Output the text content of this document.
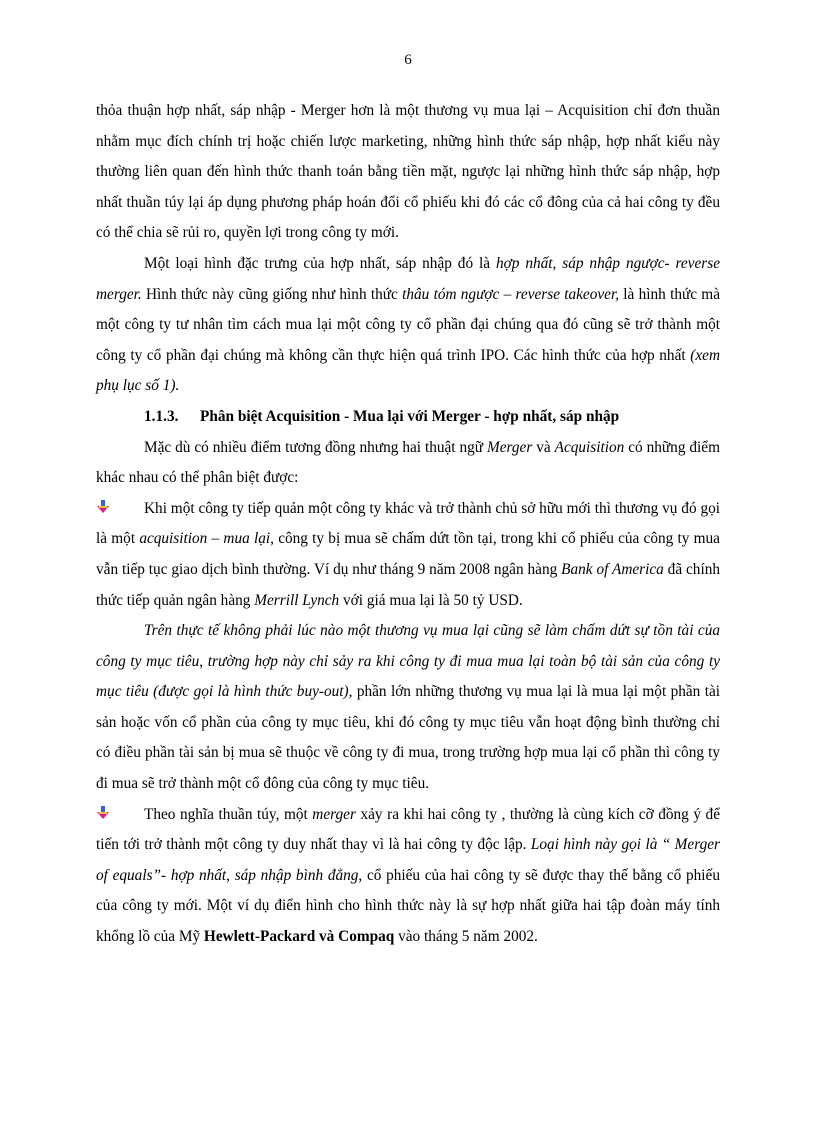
6

thỏa thuận hợp nhất, sáp nhập - Merger hơn là một thương vụ mua lại – Acquisition chỉ đơn thuần nhằm mục đích chính trị hoặc chiến lược marketing, những hình thức sáp nhập, hợp nhất kiểu này thường liên quan đến hình thức thanh toán bằng tiền mặt, ngược lại những hình thức sáp nhập, hợp nhất thuần túy lại áp dụng phương pháp hoán đổi cổ phiếu khi đó các cổ đông của cả hai công ty đều có thể chia sẽ rủi ro, quyền lợi trong công ty mới.

Một loại hình đặc trưng của hợp nhất, sáp nhập đó là hợp nhất, sáp nhập ngược- reverse merger. Hình thức này cũng giống như hình thức thâu tóm ngược – reverse takeover, là hình thức mà một công ty tư nhân tìm cách mua lại một công ty cổ phần đại chúng qua đó cũng sẽ trở thành một công ty cổ phần đại chúng mà không cần thực hiện quá trình IPO. Các hình thức của hợp nhất (xem phụ lục số 1).

1.1.3. Phân biệt Acquisition - Mua lại với Merger - hợp nhất, sáp nhập

Mặc dù có nhiều điểm tương đồng nhưng hai thuật ngữ Merger và Acquisition có những điểm khác nhau có thể phân biệt được:

Khi một công ty tiếp quản một công ty khác và trở thành chủ sở hữu mới thì thương vụ đó gọi là một acquisition – mua lại, công ty bị mua sẽ chấm dứt tồn tại, trong khi cổ phiếu của công ty mua vẫn tiếp tục giao dịch bình thường. Ví dụ như tháng 9 năm 2008 ngân hàng Bank of America đã chính thức tiếp quản ngân hàng Merrill Lynch với giá mua lại là 50 tỷ USD.

Trên thực tế không phải lúc nào một thương vụ mua lại cũng sẽ làm chấm dứt sự tồn tài của công ty mục tiêu, trường hợp này chỉ sảy ra khi công ty đi mua mua lại toàn bộ tài sản của công ty mục tiêu (được gọi là hình thức buy-out), phần lớn những thương vụ mua lại là mua lại một phần tài sản hoặc vốn cổ phần của công ty mục tiêu, khi đó công ty mục tiêu vẫn hoạt động bình thường chỉ có điều phần tài sản bị mua sẽ thuộc về công ty đi mua, trong trường hợp mua lại cổ phần thì công ty đi mua sẽ trở thành một cổ đông của công ty mục tiêu.

Theo nghĩa thuần túy, một merger xảy ra khi hai công ty , thường là cùng kích cỡ đồng ý để tiến tới trở thành một công ty duy nhất thay vì là hai công ty độc lập. Loại hình này gọi là “ Merger of equals”- hợp nhất, sáp nhập bình đẳng, cổ phiếu của hai công ty sẽ được thay thế bằng cổ phiếu của công ty mới. Một ví dụ điển hình cho hình thức này là sự hợp nhất giữa hai tập đoàn máy tính khổng lồ của Mỹ Hewlett-Packard và Compaq vào tháng 5 năm 2002.
